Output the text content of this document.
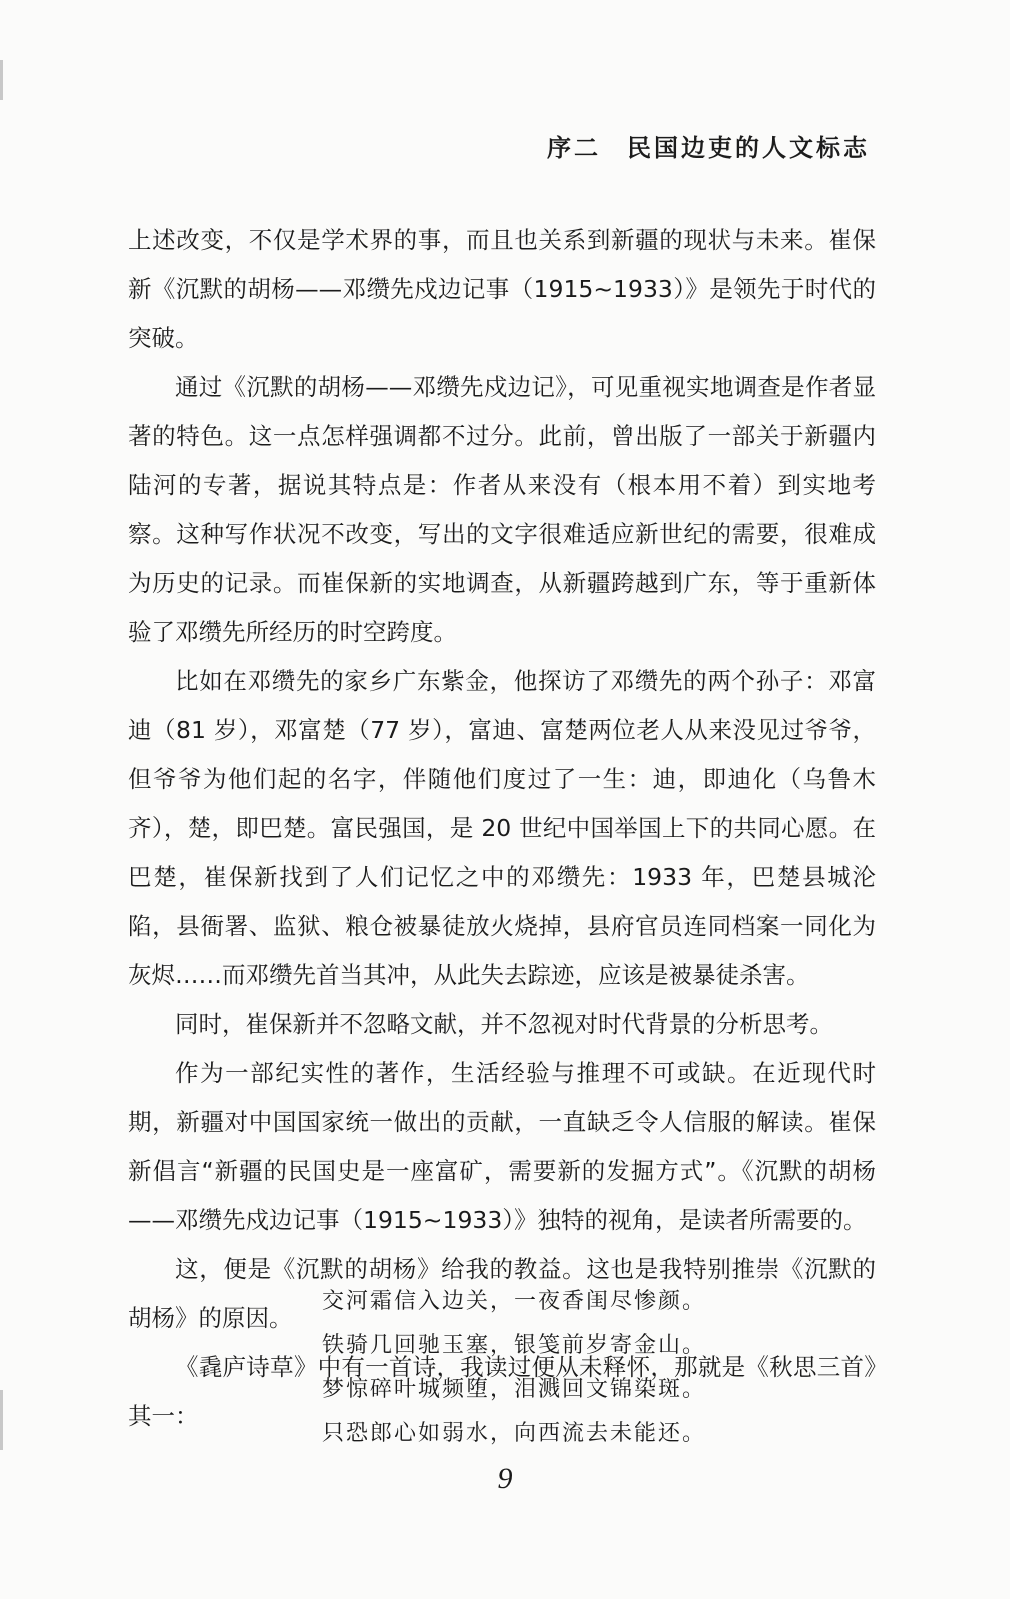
序二 民国边吏的人文标志

上述改变，不仅是学术界的事，而且也关系到新疆的现状与未来。崔保新《沉默的胡杨——邓缵先戍边记事（1915~1933）》是领先于时代的突破。

通过《沉默的胡杨——邓缵先戍边记》，可见重视实地调查是作者显著的特色。这一点怎样强调都不过分。此前，曾出版了一部关于新疆内陆河的专著，据说其特点是：作者从来没有（根本用不着）到实地考察。这种写作状况不改变，写出的文字很难适应新世纪的需要，很难成为历史的记录。而崔保新的实地调查，从新疆跨越到广东，等于重新体验了邓缵先所经历的时空跨度。

比如在邓缵先的家乡广东紫金，他探访了邓缵先的两个孙子：邓富迪（81 岁），邓富楚（77 岁），富迪、富楚两位老人从来没见过爷爷，但爷爷为他们起的名字，伴随他们度过了一生：迪，即迪化（乌鲁木齐），楚，即巴楚。富民强国，是 20 世纪中国举国上下的共同心愿。在巴楚，崔保新找到了人们记忆之中的邓缵先：1933 年，巴楚县城沦陷，县衙署、监狱、粮仓被暴徒放火烧掉，县府官员连同档案一同化为灰烬……而邓缵先首当其冲，从此失去踪迹，应该是被暴徒杀害。

同时，崔保新并不忽略文献，并不忽视对时代背景的分析思考。

作为一部纪实性的著作，生活经验与推理不可或缺。在近现代时期，新疆对中国国家统一做出的贡献，一直缺乏令人信服的解读。崔保新倡言“新疆的民国史是一座富矿，需要新的发掘方式”。《沉默的胡杨——邓缵先戍边记事（1915~1933）》独特的视角，是读者所需要的。

这，便是《沉默的胡杨》给我的教益。这也是我特别推崇《沉默的胡杨》的原因。

《毳庐诗草》中有一首诗，我读过便从未释怀，那就是《秋思三首》其一：

交河霜信入边关，一夜香闺尽惨颜。
铁骑几回驰玉塞，银笺前岁寄金山。
梦惊碎叶城频堕，泪溅回文锦染斑。
只恐郎心如弱水，向西流去未能还。
9
